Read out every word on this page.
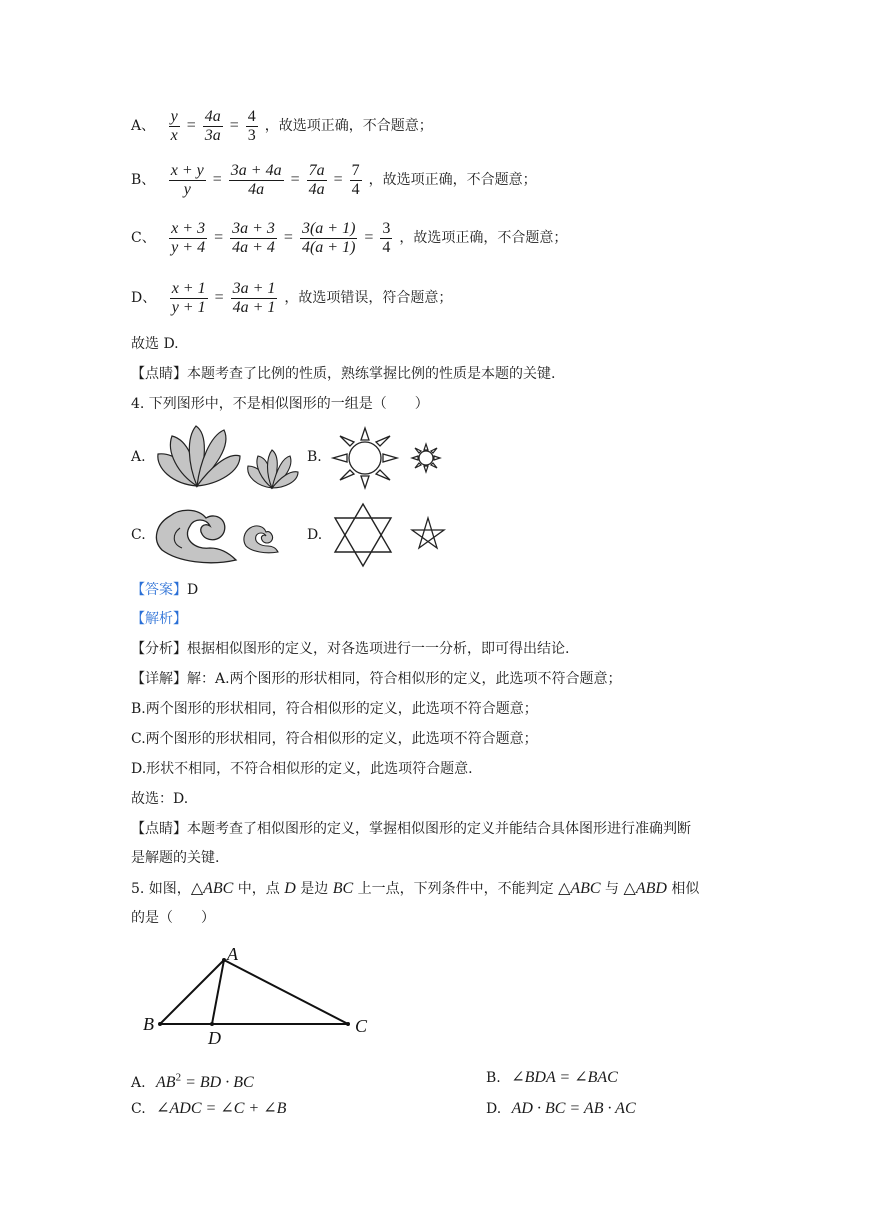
A、 $\frac{y}{x} = \frac{4a}{3a} = \frac{4}{3}$ ，故选项正确，不合题意；
B、 $\frac{x + y}{y} = \frac{3a + 4a}{4a} = \frac{7a}{4a} = \frac{7}{4}$ ，故选项正确，不合题意；
C、 $\frac{x + 3}{y + 4} = \frac{3a + 3}{4a + 4} = \frac{3(a + 1)}{4(a + 1)} = \frac{3}{4}$ ，故选项正确，不合题意；
D、 $\frac{x + 1}{y + 1} = \frac{3a + 1}{4a + 1}$ ，故选项错误，符合题意；
故选 D.
【点睛】本题考查了比例的性质，熟练掌握比例的性质是本题的关键.
4. 下列图形中，不是相似图形的一组是（　　）
A.	B.
C.	D.
【答案】D
【解析】
【分析】根据相似图形的定义，对各选项进行一一分析，即可得出结论.
【详解】解：A.两个图形的形状相同，符合相似形的定义，此选项不符合题意；
B.两个图形的形状相同，符合相似形的定义，此选项不符合题意；
C.两个图形的形状相同，符合相似形的定义，此选项不符合题意；
D.形状不相同，不符合相似形的定义，此选项符合题意.
故选：D.
【点睛】本题考查了相似图形的定义，掌握相似图形的定义并能结合具体图形进行准确判断
是解题的关键.
5. 如图，△ABC 中，点 D 是边 BC 上一点，下列条件中，不能判定 △ABC 与 △ABD 相似
的是（　　）
A
B	C
D
A. $AB^2$ = BD · BC	B. ∠BDA = ∠BAC
C. ∠ADC = ∠C + ∠B	D. AD · BC = AB · AC
